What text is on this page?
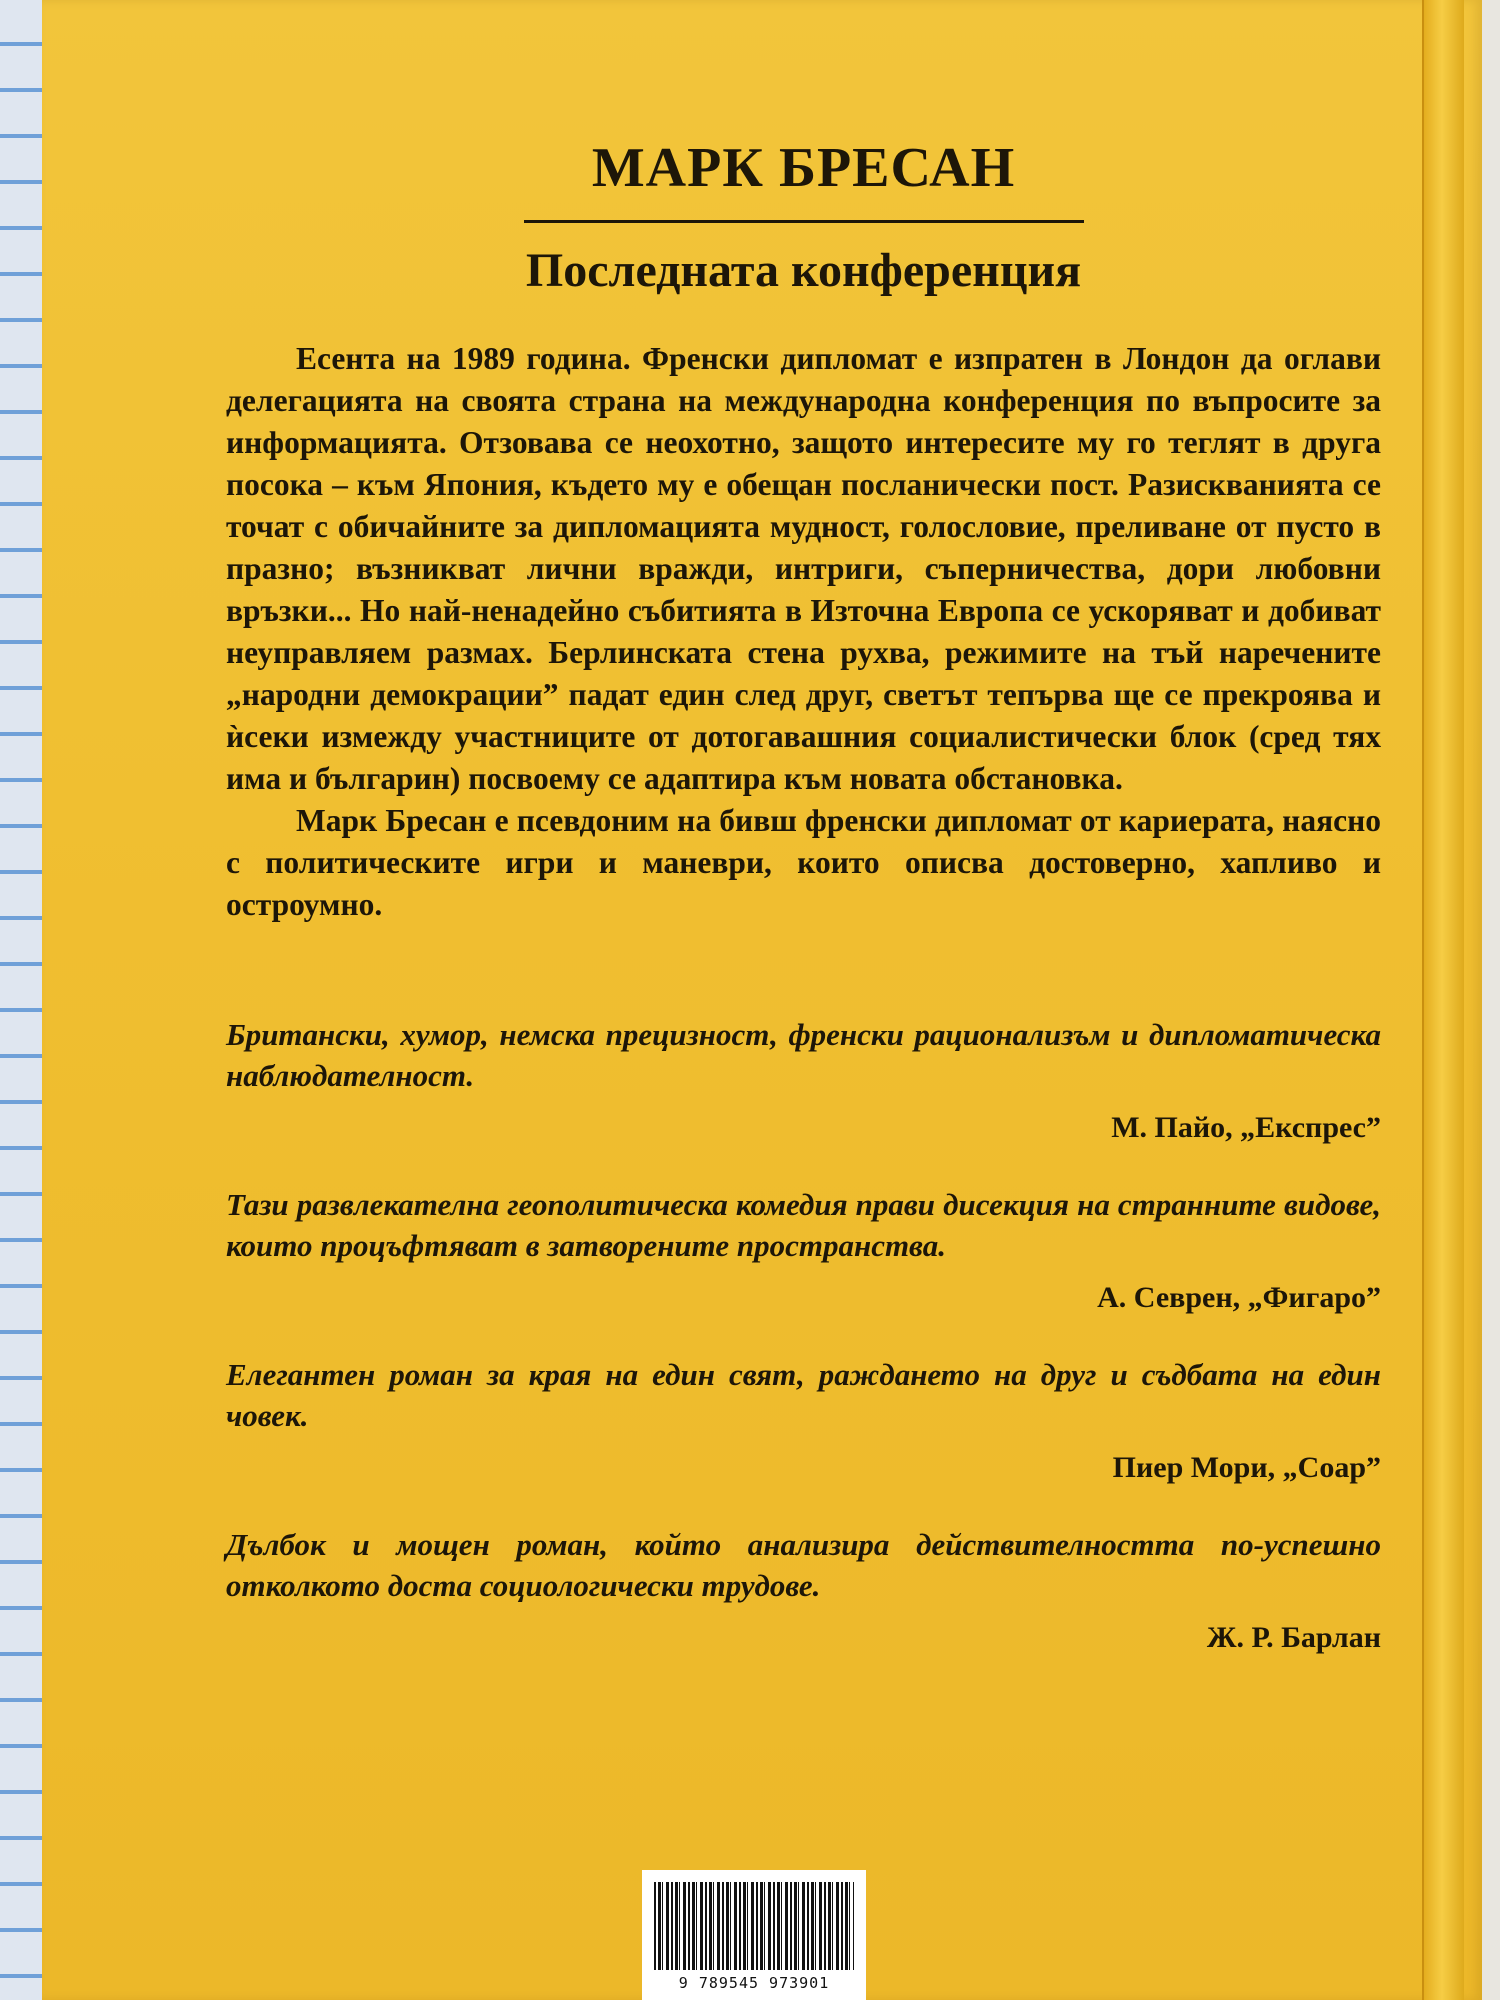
МАРК БРЕСАН
Последната конференция

Есента на 1989 година. Френски дипломат е изпратен в Лондон да оглави делегацията на своята страна на международна конференция по въпросите за информацията. Отзовава се неохотно, защото интересите му го теглят в друга посока – към Япония, където му е обещан посланически пост. Разискванията се точат с обичайните за дипломацията мудност, голословие, преливане от пусто в празно; възникват лични вражди, интриги, съперничества, дори любовни връзки... Но най-ненадейно събитията в Източна Европа се ускоряват и добиват неуправляем размах. Берлинската стена рухва, режимите на тъй наречените „народни демокрации” падат един след друг, светът тепърва ще се прекроява и ѝсеки измежду участниците от дотогавашния социалистически блок (сред тях има и българин) посвоему се адаптира към новата обстановка.

Марк Бресан е псевдоним на бивш френски дипломат от кариерата, наясно с политическите игри и маневри, които описва достоверно, хапливо и остроумно.

Британски, хумор, немска прецизност, френски рационализъм и дипломатическа наблюдателност.

М. Пайо, „Експрес”

Тази развлекателна геополитическа комедия прави дисекция на странните видове, които процъфтяват в затворените пространства.

А. Севрен, „Фигаро”

Елегантен роман за края на един свят, раждането на друг и съдбата на един човек.

Пиер Мори, „Соар”

Дълбок и мощен роман, който анализира действителността по-успешно отколкото доста социологически трудове.

Ж. Р. Барлан

9 789545 973901
